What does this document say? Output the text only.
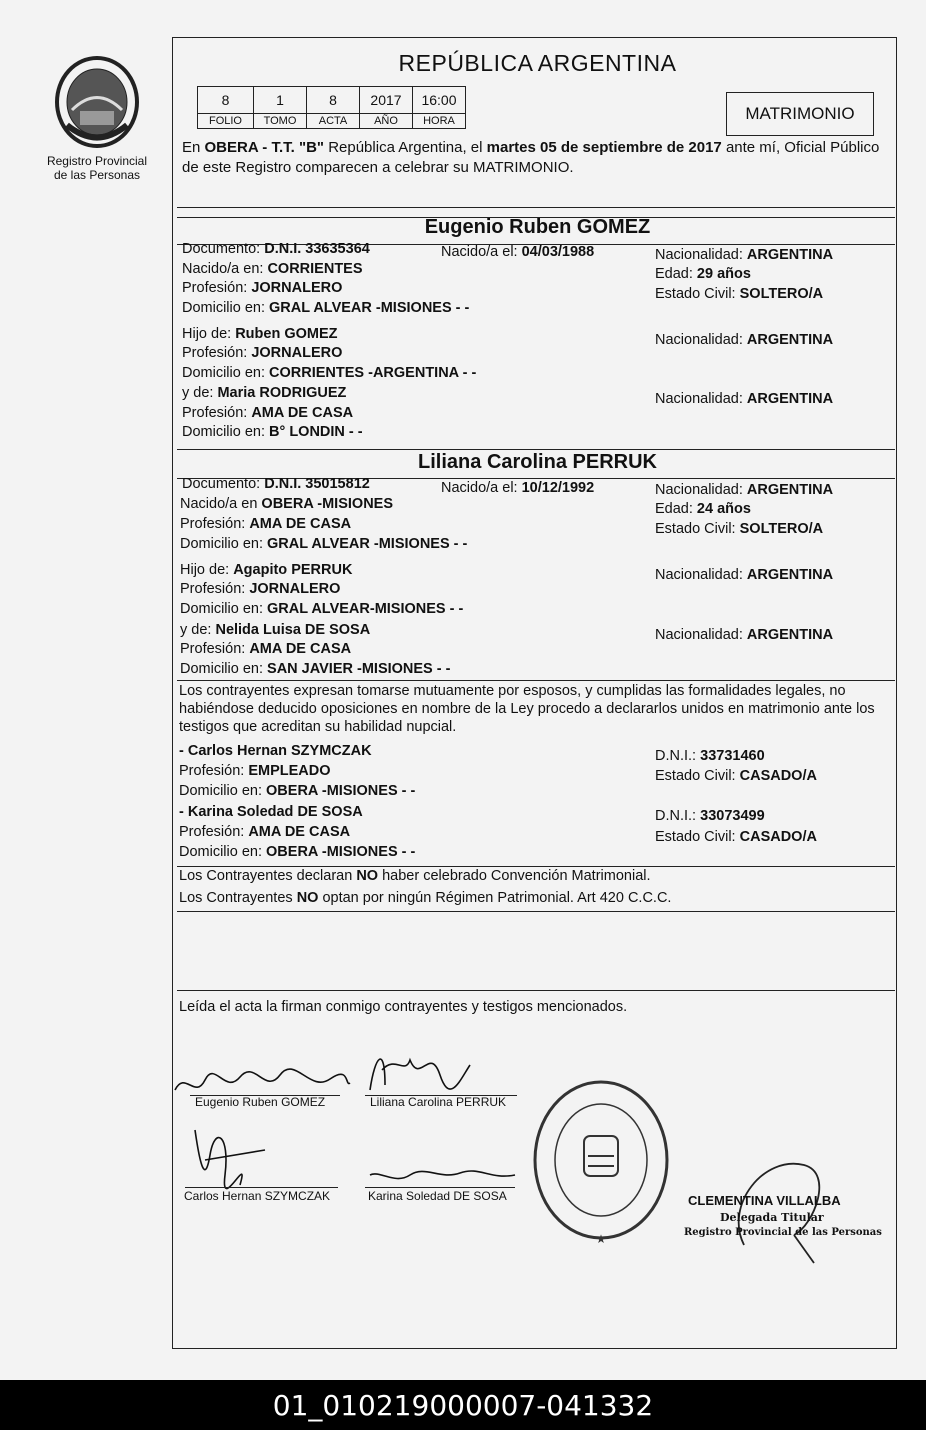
Registro Provincial
de las Personas
REPÚBLICA ARGENTINA
8	1	8	2017	16:00
FOLIO	TOMO	ACTA	AÑO	HORA	MATRIMONIO
En OBERA - T.T. "B" República Argentina, el martes 05 de septiembre de 2017 ante mí, Oficial Público de este Registro comparecen a celebrar su MATRIMONIO.
Eugenio Ruben GOMEZ
Documento: D.N.I. 33635364	Nacido/a el: 04/03/1988	Nacionalidad: ARGENTINA
Nacido/a en: CORRIENTES	Edad: 29 años
Profesión: JORNALERO	Estado Civil: SOLTERO/A
Domicilio en: GRAL ALVEAR -MISIONES - -
Hijo de: Ruben GOMEZ	Nacionalidad: ARGENTINA
Profesión: JORNALERO
Domicilio en: CORRIENTES -ARGENTINA - -
y de: Maria RODRIGUEZ	Nacionalidad: ARGENTINA
Profesión: AMA DE CASA
Domicilio en: B° LONDIN - -
Liliana Carolina PERRUK
Documento: D.N.I. 35015812	Nacido/a el: 10/12/1992	Nacionalidad: ARGENTINA
Nacido/a en OBERA -MISIONES	Edad: 24 años
Profesión: AMA DE CASA	Estado Civil: SOLTERO/A
Domicilio en: GRAL ALVEAR -MISIONES - -
Hijo de: Agapito PERRUK	Nacionalidad: ARGENTINA
Profesión: JORNALERO
Domicilio en: GRAL ALVEAR-MISIONES - -
y de: Nelida Luisa DE SOSA	Nacionalidad: ARGENTINA
Profesión: AMA DE CASA
Domicilio en: SAN JAVIER -MISIONES - -
Los contrayentes expresan tomarse mutuamente por esposos, y cumplidas las formalidades legales, no habiéndose deducido oposiciones en nombre de la Ley procedo a declararlos unidos en matrimonio ante los testigos que acreditan su habilidad nupcial.
- Carlos Hernan SZYMCZAK	D.N.I.: 33731460
Profesión: EMPLEADO	Estado Civil: CASADO/A
Domicilio en: OBERA -MISIONES - -
- Karina Soledad DE SOSA	D.N.I.: 33073499
Profesión: AMA DE CASA	Estado Civil: CASADO/A
Domicilio en: OBERA -MISIONES - -
Los Contrayentes declaran NO haber celebrado Convención Matrimonial.
Los Contrayentes NO optan por ningún Régimen Patrimonial. Art 420 C.C.C.
Leída el acta la firman conmigo contrayentes y testigos mencionados.
Eugenio Ruben GOMEZ	Liliana Carolina PERRUK
Carlos Hernan SZYMCZAK	Karina Soledad DE SOSA
★
CLEMENTINA VILLALBA
Delegada Titular
Registro Provincial de las Personas
01_010219000007-041332
